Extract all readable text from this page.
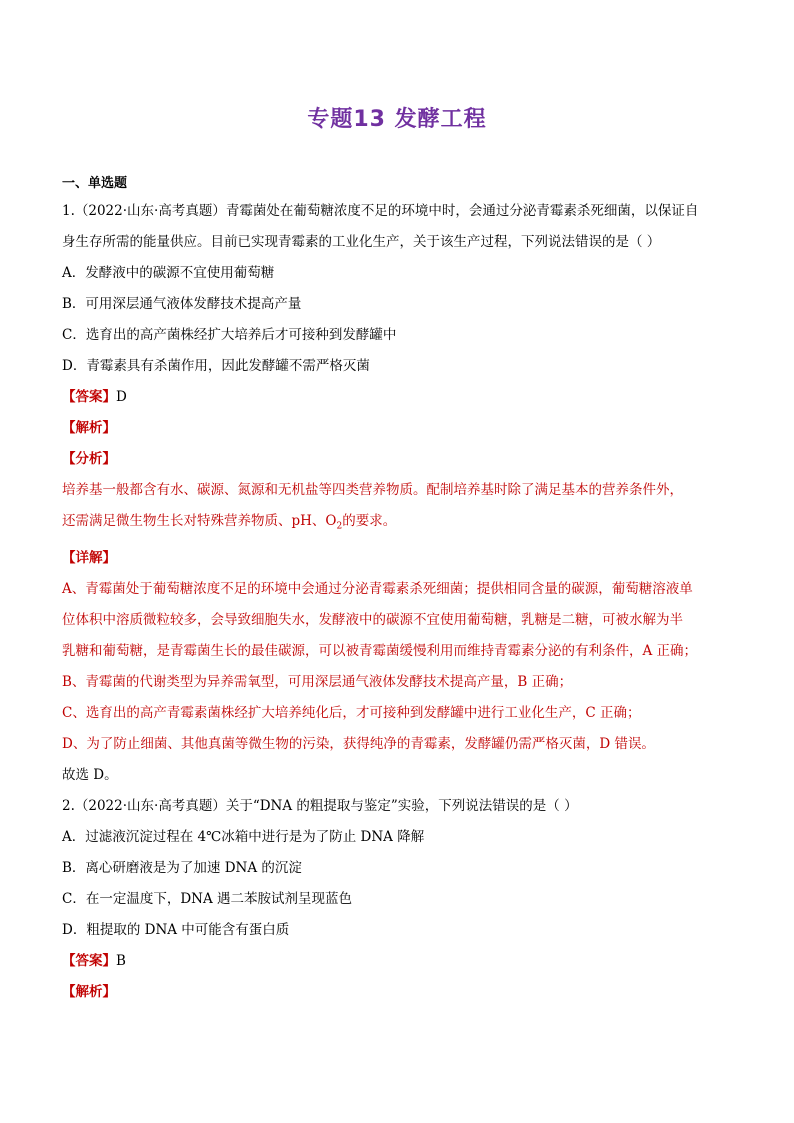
专题13 发酵工程
一、单选题
1.（2022·山东·高考真题）青霉菌处在葡萄糖浓度不足的环境中时，会通过分泌青霉素杀死细菌，以保证自
身生存所需的能量供应。目前已实现青霉素的工业化生产，关于该生产过程，下列说法错误的是（ ）
A．发酵液中的碳源不宜使用葡萄糖
B．可用深层通气液体发酵技术提高产量
C．选育出的高产菌株经扩大培养后才可接种到发酵罐中
D．青霉素具有杀菌作用，因此发酵罐不需严格灭菌
【答案】D
【解析】
【分析】
培养基一般都含有水、碳源、氮源和无机盐等四类营养物质。配制培养基时除了满足基本的营养条件外，
还需满足微生物生长对特殊营养物质、pH、$O_2$的要求。
【详解】
A、青霉菌处于葡萄糖浓度不足的环境中会通过分泌青霉素杀死细菌；提供相同含量的碳源，葡萄糖溶液单
位体积中溶质微粒较多，会导致细胞失水，发酵液中的碳源不宜使用葡萄糖，乳糖是二糖，可被水解为半
乳糖和葡萄糖，是青霉菌生长的最佳碳源，可以被青霉菌缓慢利用而维持青霉素分泌的有利条件，A 正确；
B、青霉菌的代谢类型为异养需氧型，可用深层通气液体发酵技术提高产量，B 正确；
C、选育出的高产青霉素菌株经扩大培养纯化后，才可接种到发酵罐中进行工业化生产，C 正确；
D、为了防止细菌、其他真菌等微生物的污染，获得纯净的青霉素，发酵罐仍需严格灭菌，D 错误。
故选 D。
2.（2022·山东·高考真题）关于“DNA 的粗提取与鉴定”实验，下列说法错误的是（ ）
A．过滤液沉淀过程在 4℃冰箱中进行是为了防止 DNA 降解
B．离心研磨液是为了加速 DNA 的沉淀
C．在一定温度下，DNA 遇二苯胺试剂呈现蓝色
D．粗提取的 DNA 中可能含有蛋白质
【答案】B
【解析】
